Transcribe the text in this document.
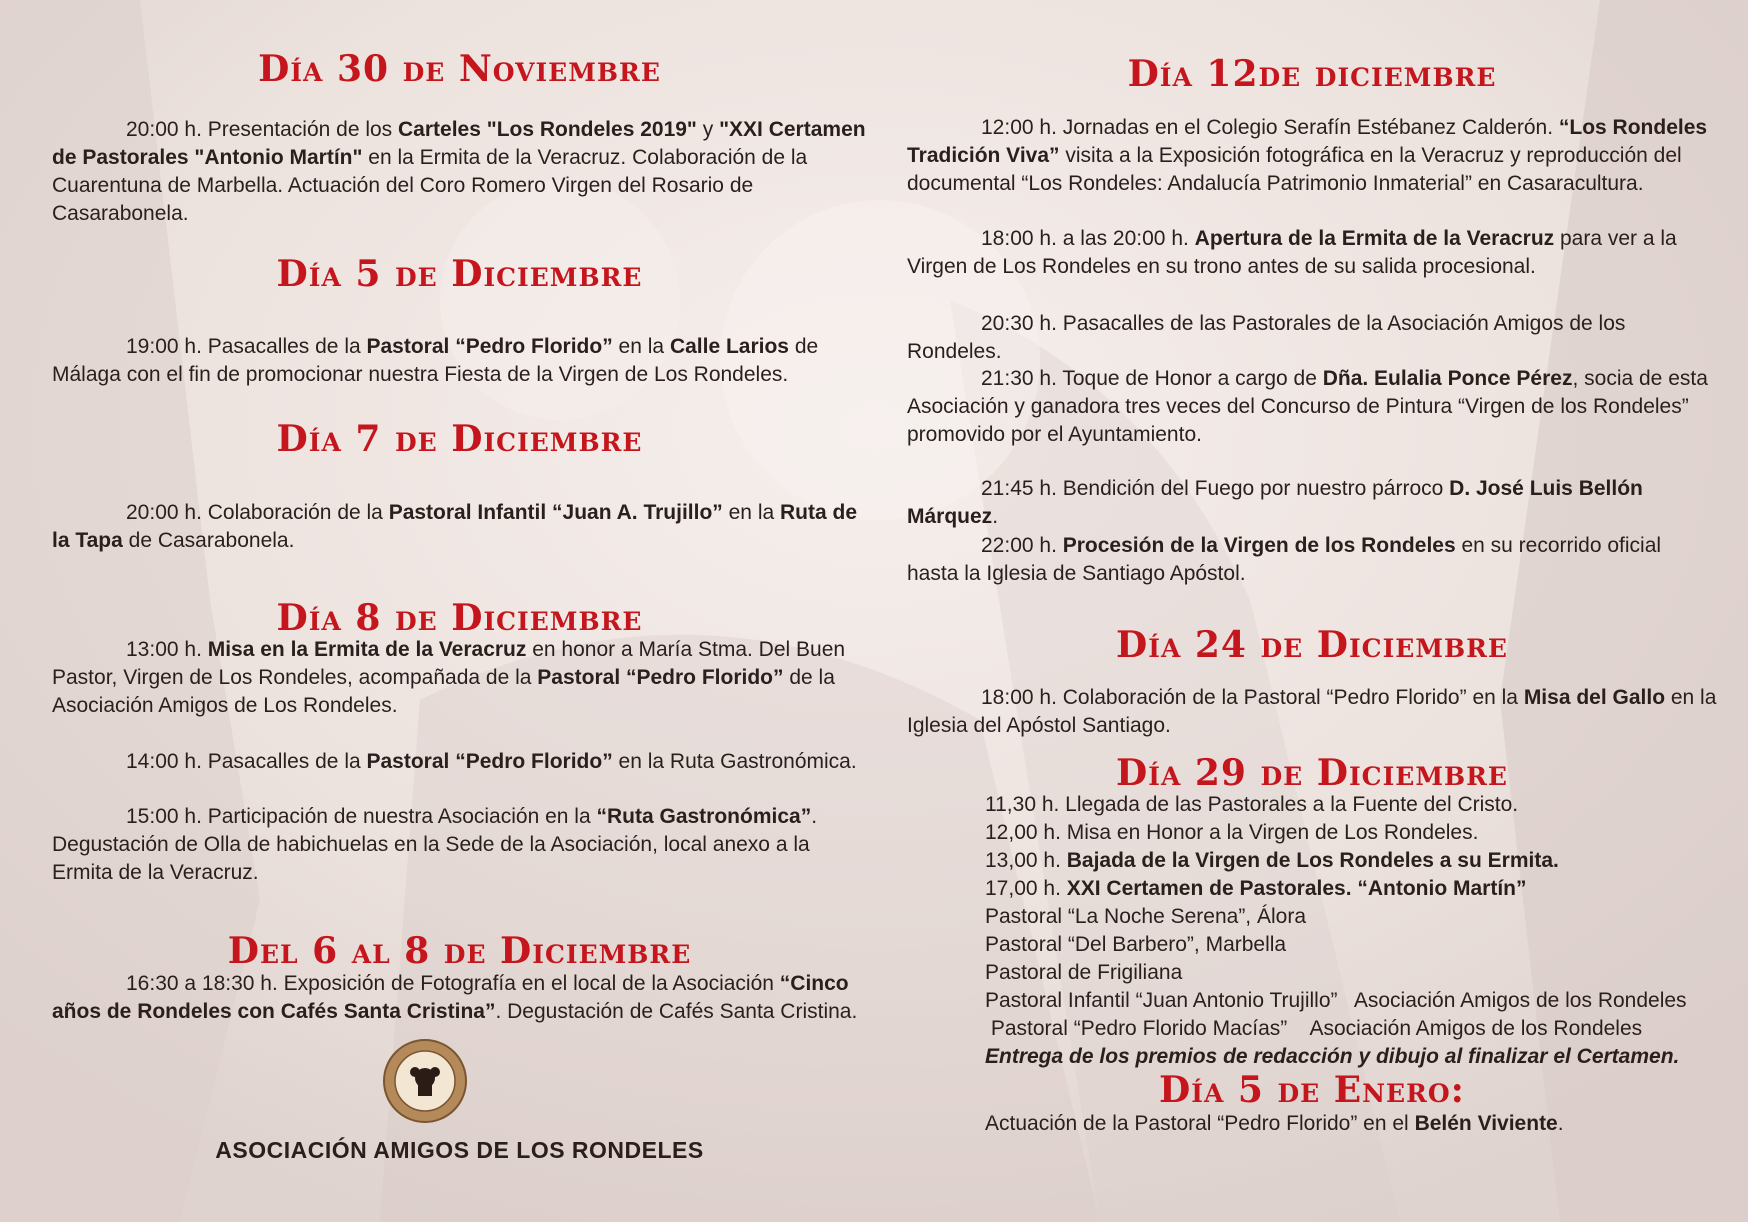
Día 30 de Noviembre
20:00 h. Presentación de los Carteles "Los Rondeles 2019" y "XXI Certamen de Pastorales "Antonio Martín" en la Ermita de la Veracruz. Colaboración de la Cuarentuna de Marbella. Actuación del Coro Romero Virgen del Rosario de Casarabonela.
Día 5 de Diciembre
19:00 h. Pasacalles de la Pastoral “Pedro Florido” en la Calle Larios de Málaga con el fin de promocionar nuestra Fiesta de la Virgen de Los Rondeles.
Día 7 de Diciembre
20:00 h. Colaboración de la Pastoral Infantil “Juan A. Trujillo” en la Ruta de la Tapa de Casarabonela.
Día 8 de Diciembre
13:00 h. Misa en la Ermita de la Veracruz en honor a María Stma. Del Buen Pastor, Virgen de Los Rondeles, acompañada de la Pastoral “Pedro Florido” de la Asociación Amigos de Los Rondeles.
14:00 h. Pasacalles de la Pastoral “Pedro Florido” en la Ruta Gastronómica.
15:00 h. Participación de nuestra Asociación en la “Ruta Gastronómica”. Degustación de Olla de habichuelas en la Sede de la Asociación, local anexo a la Ermita de la Veracruz.
Del 6 al 8 de Diciembre
16:30 a 18:30 h. Exposición de Fotografía en el local de la Asociación “Cinco años de Rondeles con Cafés Santa Cristina”. Degustación de Cafés Santa Cristina.
ASOCIACIÓN AMIGOS DE LOS RONDELES
Día 12de diciembre
12:00 h. Jornadas en el Colegio Serafín Estébanez Calderón. “Los Rondeles Tradición Viva” visita a la Exposición fotográfica en la Veracruz y reproducción del documental “Los Rondeles: Andalucía Patrimonio Inmaterial” en Casaracultura.
18:00 h. a las 20:00 h. Apertura de la Ermita de la Veracruz para ver a la Virgen de Los Rondeles en su trono antes de su salida procesional.
20:30 h. Pasacalles de las Pastorales de la Asociación Amigos de los Rondeles.
21:30 h. Toque de Honor a cargo de Dña. Eulalia Ponce Pérez, socia de esta Asociación y ganadora tres veces del Concurso de Pintura “Virgen de los Rondeles” promovido por el Ayuntamiento.
21:45 h. Bendición del Fuego por nuestro párroco D. José Luis Bellón Márquez.
22:00 h. Procesión de la Virgen de los Rondeles en su recorrido oficial hasta la Iglesia de Santiago Apóstol.
Día 24 de Diciembre
18:00 h. Colaboración de la Pastoral “Pedro Florido” en la Misa del Gallo en la Iglesia del Apóstol Santiago.
Día 29 de Diciembre
11,30 h. Llegada de las Pastorales a la Fuente del Cristo.
12,00 h. Misa en Honor a la Virgen de Los Rondeles.
13,00 h. Bajada de la Virgen de Los Rondeles a su Ermita.
17,00 h. XXI Certamen de Pastorales. “Antonio Martín”
Pastoral “La Noche Serena”, Álora
Pastoral “Del Barbero”, Marbella
Pastoral de Frigiliana
Pastoral Infantil “Juan Antonio Trujillo”   Asociación Amigos de los Rondeles
Pastoral “Pedro Florido Macías”    Asociación Amigos de los Rondeles
Entrega de los premios de redacción y dibujo al finalizar el Certamen.
Día 5 de Enero:
Actuación de la Pastoral “Pedro Florido” en el Belén Viviente.
